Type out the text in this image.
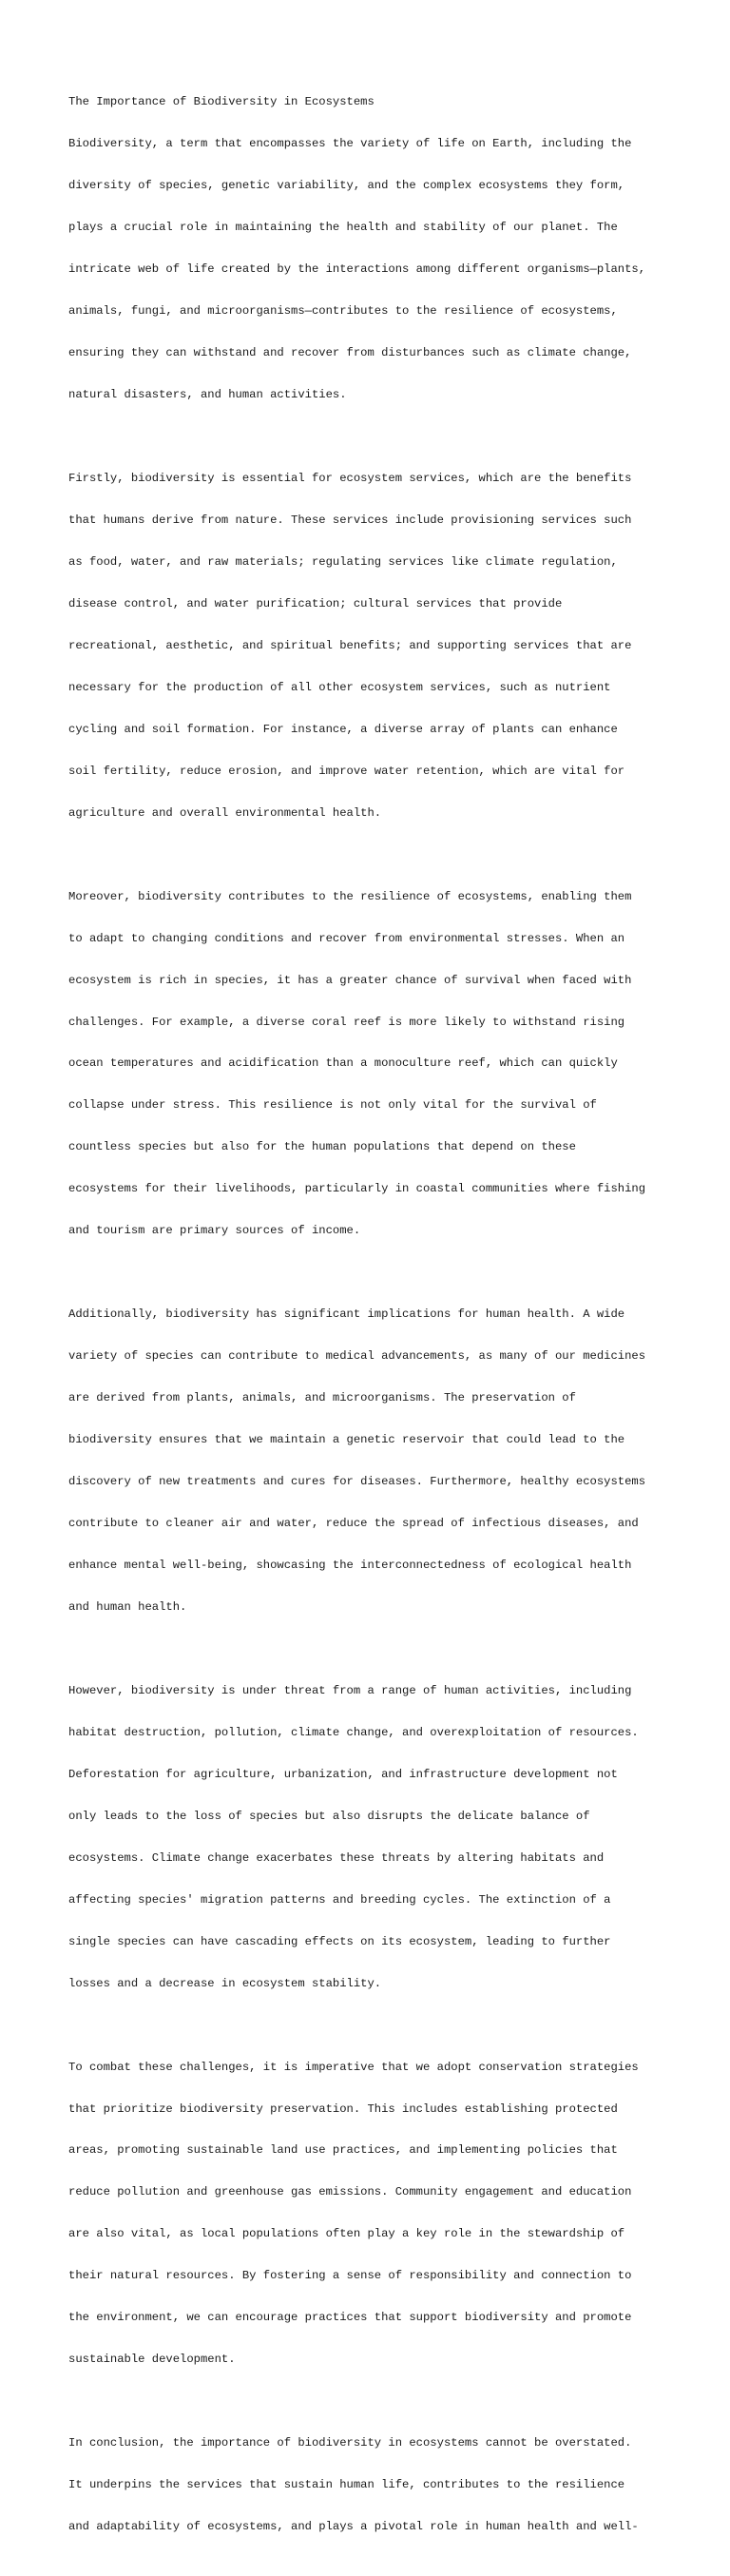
The Importance of Biodiversity in Ecosystems

Biodiversity, a term that encompasses the variety of life on Earth, including the

diversity of species, genetic variability, and the complex ecosystems they form,

plays a crucial role in maintaining the health and stability of our planet. The

intricate web of life created by the interactions among different organisms—plants,

animals, fungi, and microorganisms—contributes to the resilience of ecosystems,

ensuring they can withstand and recover from disturbances such as climate change,

natural disasters, and human activities.

Firstly, biodiversity is essential for ecosystem services, which are the benefits

that humans derive from nature. These services include provisioning services such

as food, water, and raw materials; regulating services like climate regulation,

disease control, and water purification; cultural services that provide

recreational, aesthetic, and spiritual benefits; and supporting services that are

necessary for the production of all other ecosystem services, such as nutrient

cycling and soil formation. For instance, a diverse array of plants can enhance

soil fertility, reduce erosion, and improve water retention, which are vital for

agriculture and overall environmental health.

Moreover, biodiversity contributes to the resilience of ecosystems, enabling them

to adapt to changing conditions and recover from environmental stresses. When an

ecosystem is rich in species, it has a greater chance of survival when faced with

challenges. For example, a diverse coral reef is more likely to withstand rising

ocean temperatures and acidification than a monoculture reef, which can quickly

collapse under stress. This resilience is not only vital for the survival of

countless species but also for the human populations that depend on these

ecosystems for their livelihoods, particularly in coastal communities where fishing

and tourism are primary sources of income.

Additionally, biodiversity has significant implications for human health. A wide

variety of species can contribute to medical advancements, as many of our medicines

are derived from plants, animals, and microorganisms. The preservation of

biodiversity ensures that we maintain a genetic reservoir that could lead to the

discovery of new treatments and cures for diseases. Furthermore, healthy ecosystems

contribute to cleaner air and water, reduce the spread of infectious diseases, and

enhance mental well-being, showcasing the interconnectedness of ecological health

and human health.

However, biodiversity is under threat from a range of human activities, including

habitat destruction, pollution, climate change, and overexploitation of resources.

Deforestation for agriculture, urbanization, and infrastructure development not

only leads to the loss of species but also disrupts the delicate balance of

ecosystems. Climate change exacerbates these threats by altering habitats and

affecting species' migration patterns and breeding cycles. The extinction of a

single species can have cascading effects on its ecosystem, leading to further

losses and a decrease in ecosystem stability.

To combat these challenges, it is imperative that we adopt conservation strategies

that prioritize biodiversity preservation. This includes establishing protected

areas, promoting sustainable land use practices, and implementing policies that

reduce pollution and greenhouse gas emissions. Community engagement and education

are also vital, as local populations often play a key role in the stewardship of

their natural resources. By fostering a sense of responsibility and connection to

the environment, we can encourage practices that support biodiversity and promote

sustainable development.

In conclusion, the importance of biodiversity in ecosystems cannot be overstated.

It underpins the services that sustain human life, contributes to the resilience

and adaptability of ecosystems, and plays a pivotal role in human health and well-
